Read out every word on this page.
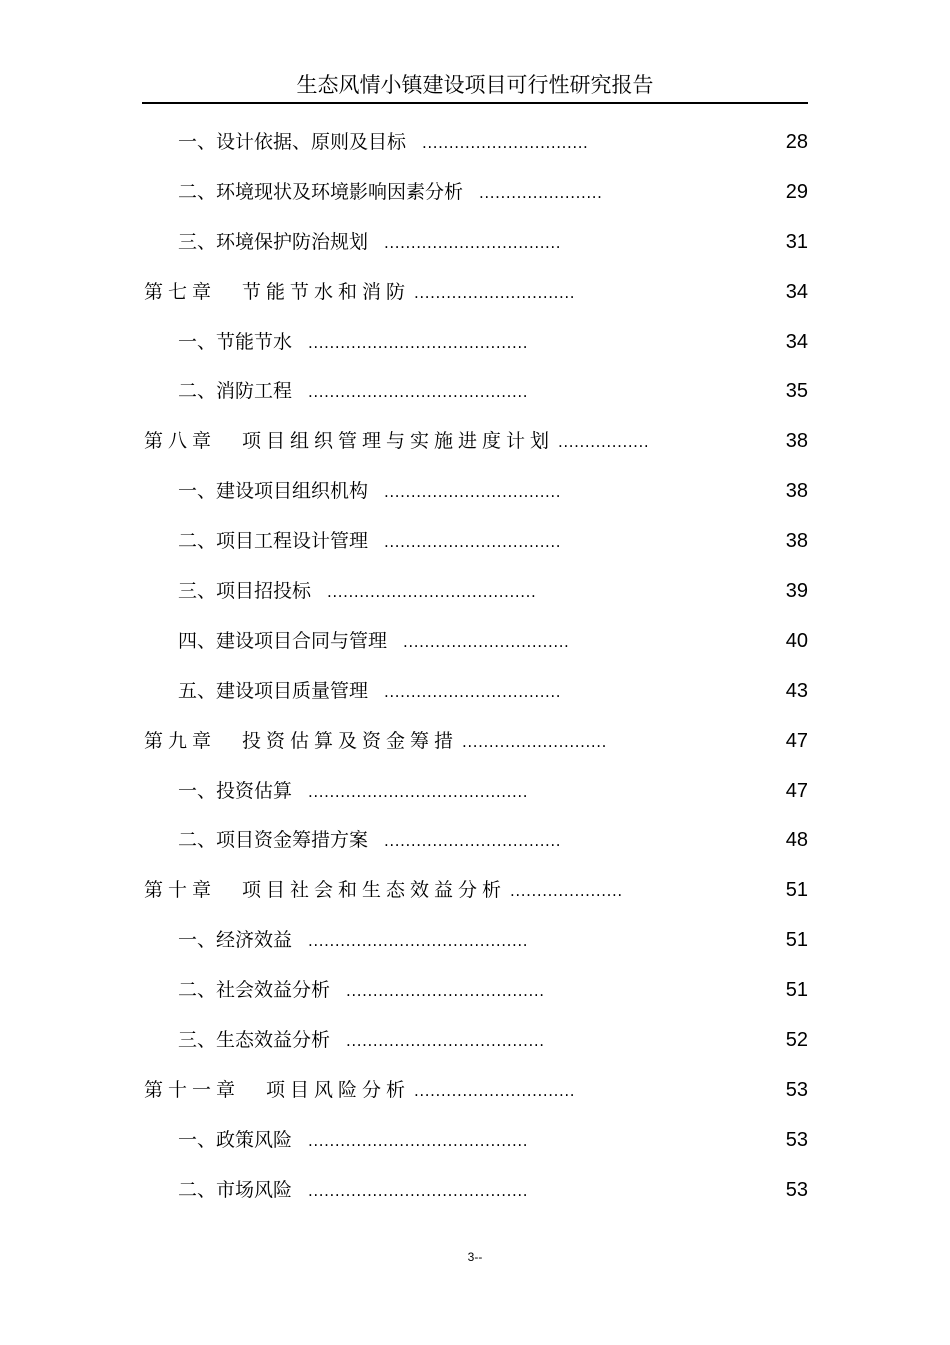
生态风情小镇建设项目可行性研究报告
一、设计依据、原则及目标 ...............................	28
二、环境现状及环境影响因素分析 .......................	29
三、环境保护防治规划 .................................	31
第七章 节能节水和消防 ..............................	34
一、节能节水 .........................................	34
二、消防工程 .........................................	35
第八章 项目组织管理与实施进度计划 .................	38
一、建设项目组织机构 .................................	38
二、项目工程设计管理 .................................	38
三、项目招投标 .......................................	39
四、建设项目合同与管理 ...............................	40
五、建设项目质量管理 .................................	43
第九章 投资估算及资金筹措 ...........................	47
一、投资估算 .........................................	47
二、项目资金筹措方案 .................................	48
第十章 项目社会和生态效益分析 .....................	51
一、经济效益 .........................................	51
二、社会效益分析 .....................................	51
三、生态效益分析 .....................................	52
第十一章 项目风险分析 ..............................	53
一、政策风险 .........................................	53
二、市场风险 .........................................	53
3--
